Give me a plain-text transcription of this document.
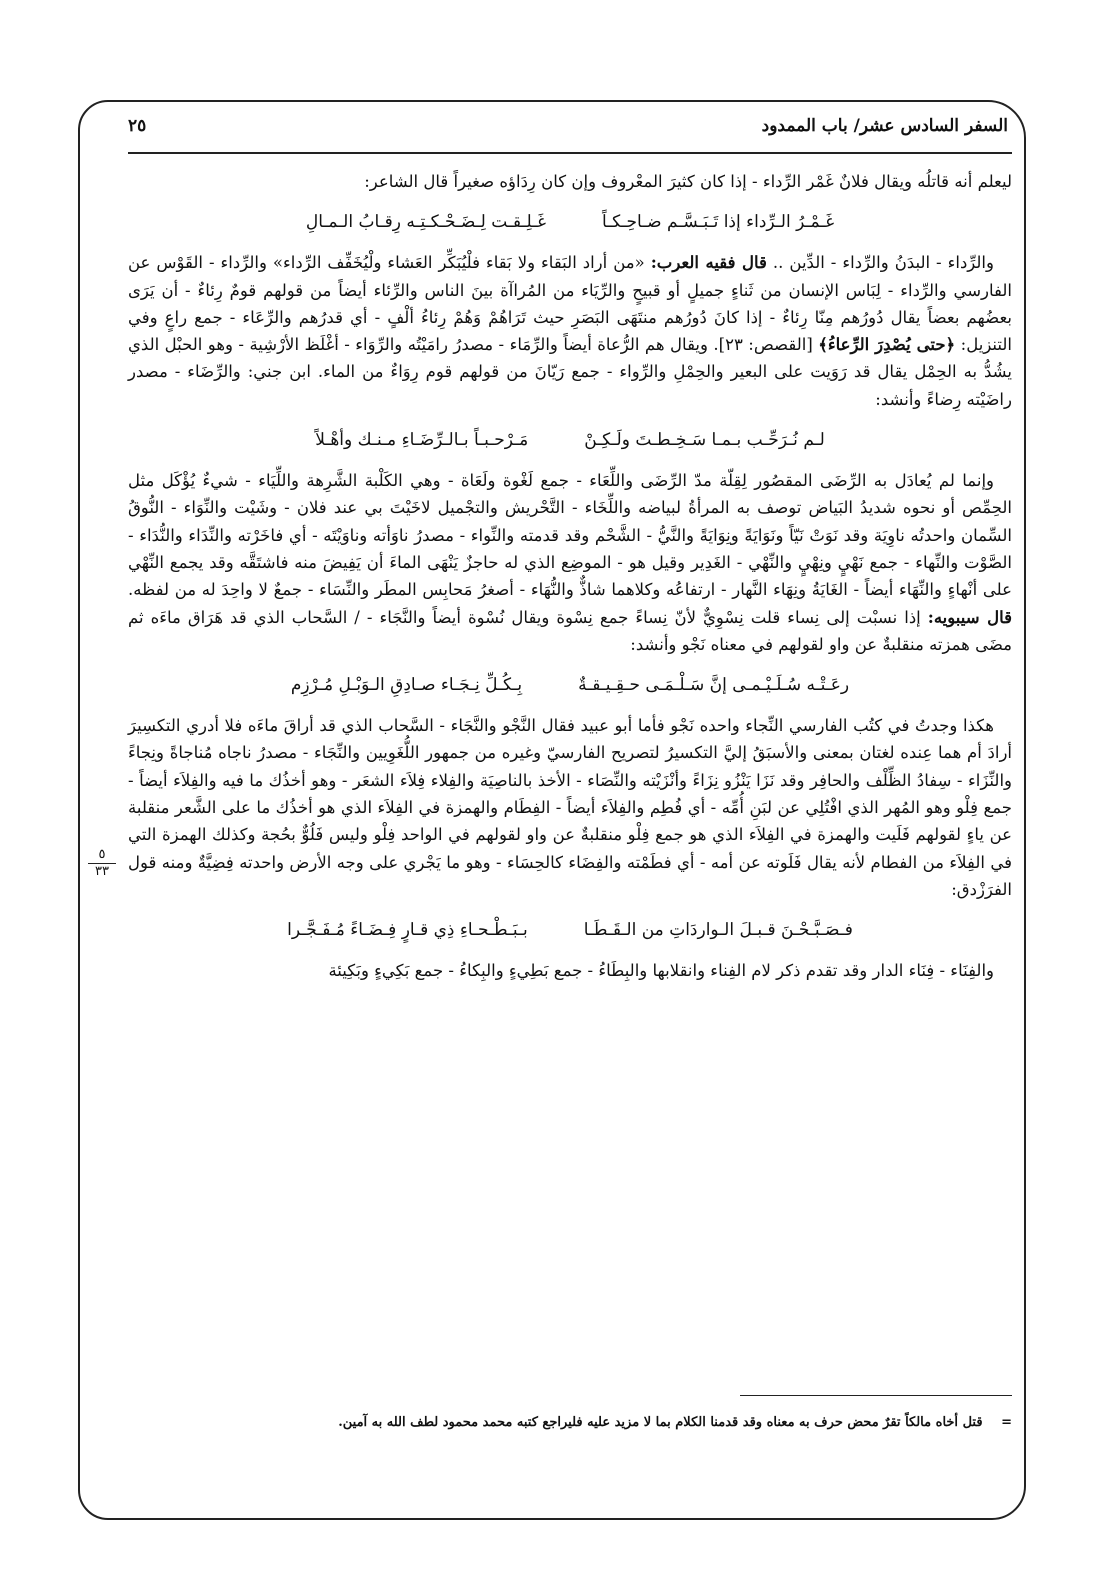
السفر السادس عشر/ باب الممدود
٢٥

ليعلم أنه قاتلُه ويقال فلانٌ غَمْر الرِّداء - إذا كان كثيرَ المعْروف وإن كان رِدَاؤه صغيراً قال الشاعر:

غَـمْـرُ الـرِّداء إذا تَـبَـسَّـم ضـاحِـكـاً
غَـلِـقـت لِـضَـحْـكـتِـه رِقـابُ الـمـالِ

والرِّداء - البدَنُ والرِّداء - الدِّين .. قال فقيه العرب: «من أراد البَقاء ولا بَقاء فلْيُبَكِّر العَشاء ولْيُخَفِّف الرِّداء» والرِّداء - القَوْس عن الفارسي والرِّداء - لِبَاس الإنسان من ثَناءٍ جميلٍ أو قبيحٍ والرِّيَاء من المُراآة بينَ الناس والرِّئاء أيضاً من قولهم قومٌ رِئاءٌ - أن يَرَى بعضُهم بعضاً يقال دُورُهم مِنّا رِئاءٌ - إذا كانَ دُورُهم منتَهَى البَصَرِ حيث تَرَاهُمْ وَهُمْ رِئاءُ ألْفٍ - أي قدرُهم والرِّعَاء - جمع راعٍ وفي التنزيل: ﴿حتى يُصْدِرَ الرِّعاءُ﴾ [القصص: ٢٣]. ويقال هم الرُّعاة أيضاً والرِّمَاء - مصدرُ رامَيْتُه والرِّوَاء - أغْلَظ الأرْشِية - وهو الحبْل الذي يشُدُّ به الحِمْل يقال قد رَوَيت على البعير والحِمْلِ والرِّواء - جمع رَيّانَ من قولهم قوم رِوَاءٌ من الماء. ابن جني: والرِّضَاء - مصدر راضَيْته رِضاءً وأنشد:

لـم نُـرَحِّـب بـمـا سَـخِـطـتَ ولَـكِـنْ
مَـرْحـبـاً بـالـرِّضَـاءِ مـنـك وأهْـلاً

وإنما لم يُعادَل به الرِّضَى المقصُور لِقِلّة مدّ الرِّضَى واللِّعَاء - جمع لَغْوة ولَعَاة - وهي الكَلْبة الشَّرِهة واللِّيَاء - شيءٌ يُؤْكَل مثل الحِمِّص أو نحوه شديدُ البَياض توصف به المرأةُ لبياضه واللِّخَاء - التَّحْريش والتجْميل لاخَيْتَ بي عند فلان - وشَيْت والنِّوَاء - النُّوقُ السِّمان واحدتُه ناوِيَة وقد نَوَتْ نَيّاً ونَوَايَةً ونِوَايَةً والنَّيُّ - الشَّحْم وقد قدمته والنِّواء - مصدرُ ناوَأته وناوَيْتَه - أي فاخَرْته والنِّدَاء والنُّدَاء - الصَّوْت والنِّهاء - جمع نَهْيٍ ونِهْيٍ والنِّهْي - الغَدِير وقيل هو - الموضِع الذي له حاجزٌ يَنْهَى الماءَ أن يَفِيضَ منه فاشتَقَّه وقد يجمع النِّهْي على أنْهاءٍ والنِّهَاء أيضاً - الغَايَةُ ونِهَاء النَّهار - ارتفاعُه وكلاهما شاذٌّ والنُّهَاء - أصغرُ مَحابِس المطَر والنِّسَاء - جمعٌ لا واحِدَ له من لفظه. قال سيبويه: إذا نسبْت إلى نِساء قلت نِسْوِيٌّ لأنّ نِساءً جمع نِسْوة ويقال نُسْوة أيضاً والنَّجَاء - / السَّحاب الذي قد هَرَاق ماءَه ثم مضَى همزته منقلبةٌ عن واو لقولهم في معناه نَجْو وأنشد:

رعَـتْـه سُـلَـيْـمـى إنَّ سَـلْـمَـى حـقِـيـقـةٌ
بِـكُـلِّ نِـجَـاء صـادِقِ الـوَبْـلِ مُـرْزِم

هكذا وجدتُ في كتُب الفارسي النِّجاء واحده نَجْو فأما أبو عبيد فقال النَّجْو والنَّجَاء - السَّحاب الذي قد أراقَ ماءَه فلا أدري التكسِيرَ أرادَ أم هما عِنده لغتان بمعنى والأسبَقُ إليَّ التكسيرُ لتصريح الفارسيّ وغيره من جمهور اللُّغَوِيين والنِّجَاء - مصدرُ ناجاه مُناجاةً ونِجاءً والنِّزَاء - سِفادُ الظِّلْف والحافِر وقد نَزَا يَنْزُو نِزَاءً وأنْزَيْته والنِّصَاء - الأخذ بالناصِيَة والفِلاء فِلاَء الشعَر - وهو أخذُك ما فيه والفِلاَء أيضاً - جمع فِلْو وهو المُهر الذي افْتُلِي عن لبَنِ أُمِّه - أي فُطِم والفِلاَء أيضاً - الفِطَام والهمزة في الفِلاَء الذي هو أخذُك ما على الشَّعر منقلبة عن ياءٍ لقولهم فَلَيت والهمزة في الفِلاَء الذي هو جمع فِلْو منقلبةٌ عن واو لقولهم في الواحد فِلْو وليس فَلُوٌّ بحُجة وكذلك الهمزة التي في الفِلاَء من الفطام لأنه يقال فَلَوته عن أمه - أي فطَمْته والفِضَاء كالحِسَاء - وهو ما يَجْري على وجه الأرض واحدته فِضِيَّةٌ ومنه قول الفرَزْدق:

فـصَـبَّـحْـنَ قـبـلَ الـواردَاتِ من الـقَـطَـا
بـبَـطْـحـاءِ ذِي قـارٍ فِـضَـاءً مُـفَـجَّـرا

والفِنَاء - فِنَاء الدار وقد تقدم ذكر لام الفِناء وانقلابها والبِطَاءُ - جمع بَطِيءٍ والبِكاءُ - جمع بَكِيءٍ وبَكِيئة

٥
٣٣
= قتل أخاه مالكاً تقرٌ محض حرف به معناه وقد قدمنا الكلام بما لا مزيد عليه فليراجع كتبه محمد محمود لطف الله به آمين.
